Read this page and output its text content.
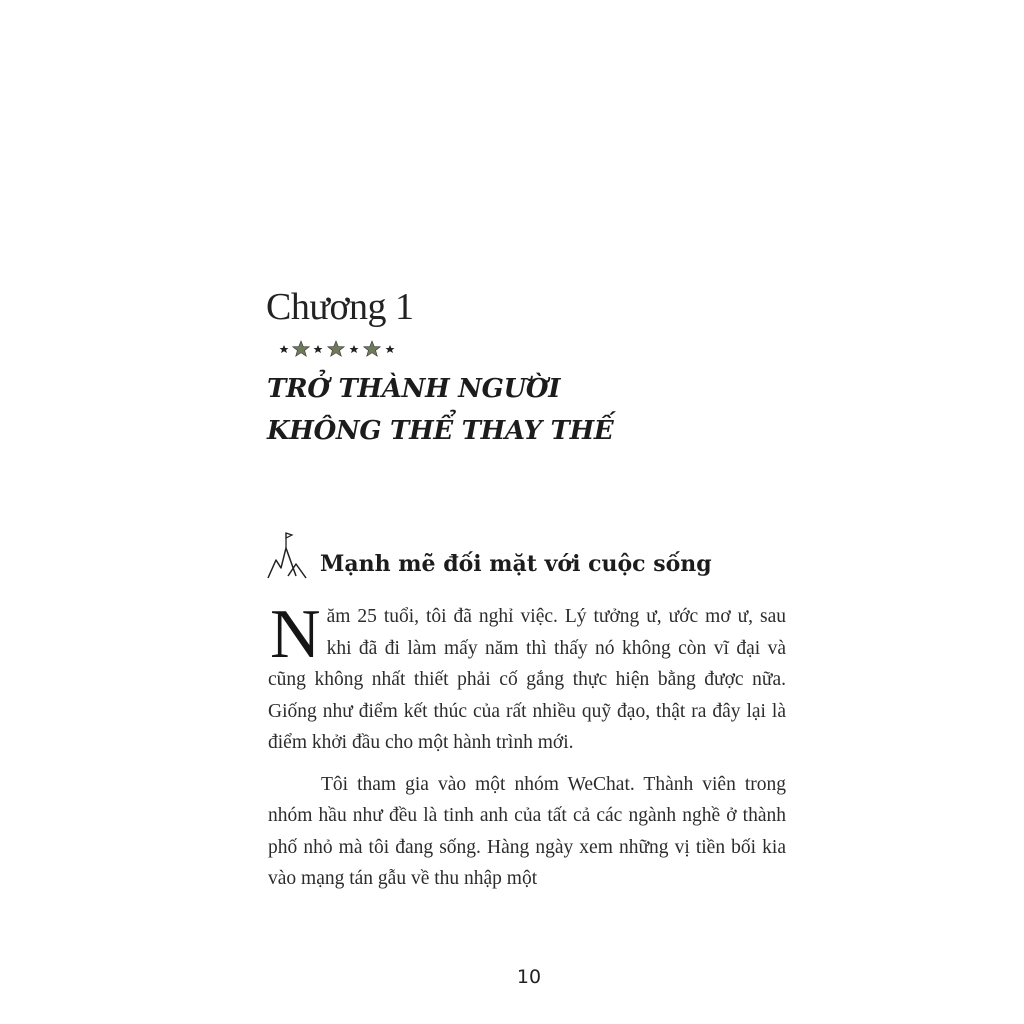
Chương 1
TRỞ THÀNH NGƯỜI
KHÔNG THỂ THAY THẾ
Mạnh mẽ đối mặt với cuộc sống

Năm 25 tuổi, tôi đã nghỉ việc. Lý tưởng ư, ước mơ ư, sau khi đã đi làm mấy năm thì thấy nó không còn vĩ đại và cũng không nhất thiết phải cố gắng thực hiện bằng được nữa. Giống như điểm kết thúc của rất nhiều quỹ đạo, thật ra đây lại là điểm khởi đầu cho một hành trình mới.

Tôi tham gia vào một nhóm WeChat. Thành viên trong nhóm hầu như đều là tinh anh của tất cả các ngành nghề ở thành phố nhỏ mà tôi đang sống. Hàng ngày xem những vị tiền bối kia vào mạng tán gẫu về thu nhập một

10
